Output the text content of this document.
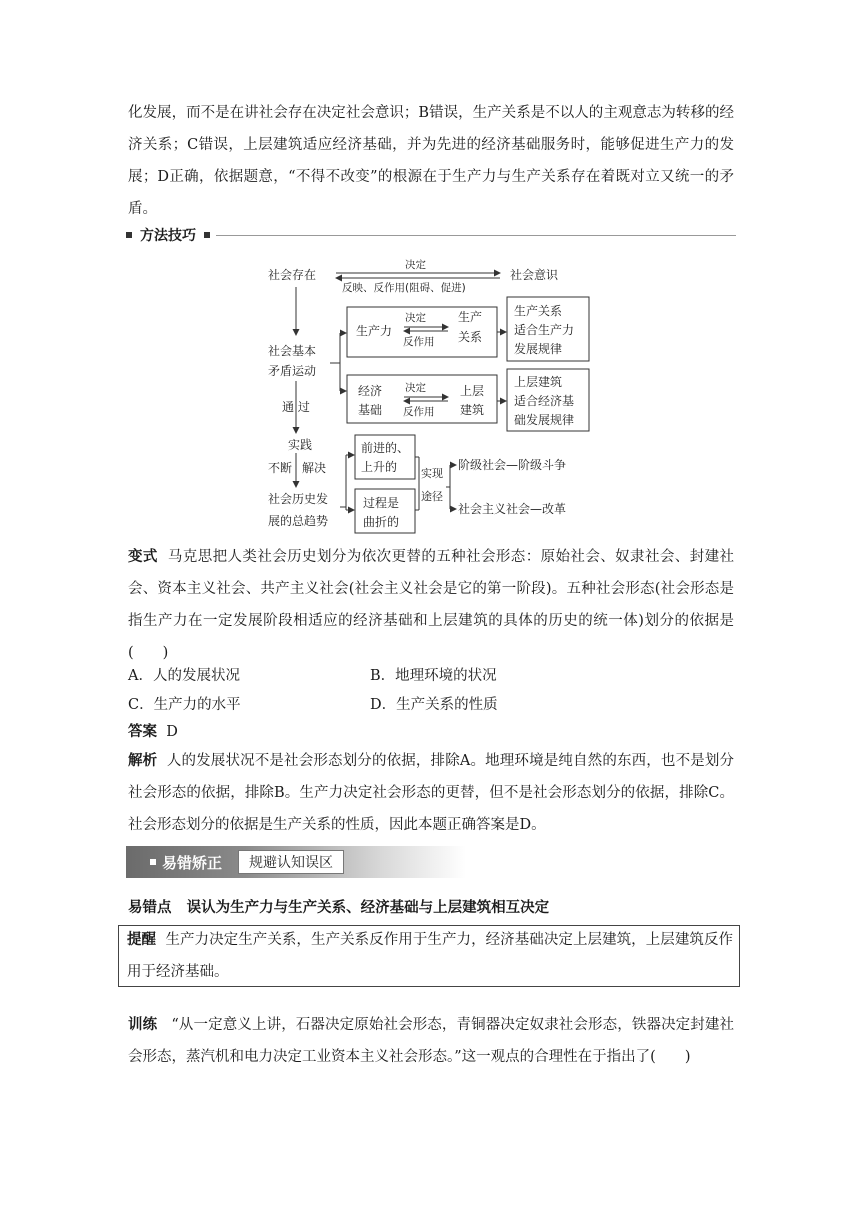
化发展，而不是在讲社会存在决定社会意识；B错误，生产关系是不以人的主观意志为转移的经济关系；C错误，上层建筑适应经济基础，并为先进的经济基础服务时，能够促进生产力的发展；D正确，依据题意，“不得不改变”的根源在于生产力与生产关系存在着既对立又统一的矛盾。
方法技巧
社会存在	社会意识
决定
反映、反作用(阻碍、促进)
社会基本
矛盾运动
生产力
决定
反作用
生产
关系
生产关系
适合生产力
发展规律
经济
基础
决定
反作用
上层
建筑
上层建筑
适合经济基
础发展规律
通 过
实践
不断 解决
社会历史发
展的总趋势
前进的、
上升的
过程是
曲折的
实现
途径
阶级社会—阶级斗争
社会主义社会—改革
变式 马克思把人类社会历史划分为依次更替的五种社会形态：原始社会、奴隶社会、封建社会、资本主义社会、共产主义社会(社会主义社会是它的第一阶段)。五种社会形态(社会形态是指生产力在一定发展阶段相适应的经济基础和上层建筑的具体的历史的统一体)划分的依据是(　　)
A．人的发展状况	B．地理环境的状况
C．生产力的水平	D．生产关系的性质
答案 D
解析 人的发展状况不是社会形态划分的依据，排除A。地理环境是纯自然的东西，也不是划分社会形态的依据，排除B。生产力决定社会形态的更替，但不是社会形态划分的依据，排除C。社会形态划分的依据是生产关系的性质，因此本题正确答案是D。
易错矫正	规避认知误区
易错点 误认为生产力与生产关系、经济基础与上层建筑相互决定
提醒 生产力决定生产关系，生产关系反作用于生产力，经济基础决定上层建筑，上层建筑反作用于经济基础。
训练 “从一定意义上讲，石器决定原始社会形态，青铜器决定奴隶社会形态，铁器决定封建社会形态，蒸汽机和电力决定工业资本主义社会形态。”这一观点的合理性在于指出了(　　)
